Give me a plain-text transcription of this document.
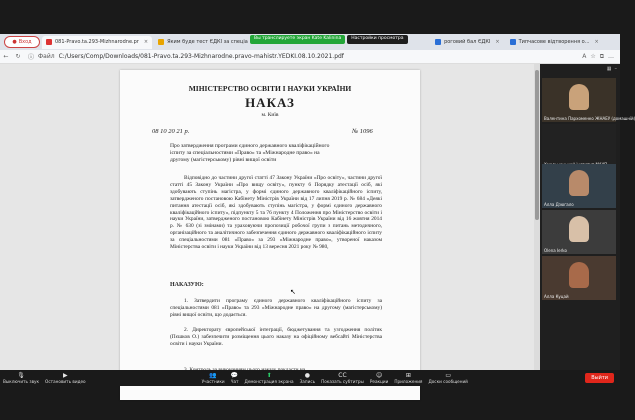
● Вход	081-Pravo.ta.293-Mizhnarodne.pr ×	Яким буде тест ЄДКІ за спеціа	роговий бал ЄДКІ ×	Типчасове відтворення о... ×
Вы транслируете экран Kate Kalinina	Настройки просмотра
←	↻	ⓘ Файл C:/Users/Comp/Downloads/081-Pravo.ta.293-Mizhnarodne.pravo-mahistr.YEDKI.08.10.2021.pdf	A ☆ ⧉ …
МІНІСТЕРСТВО ОСВІТИ І НАУКИ УКРАЇНИ
НАКАЗ
м. Київ
08 10 20 21 р.	№ 1096
Про затвердження програми єдиного державного кваліфікаційного іспиту за спеціальностями «Право» та «Міжнародне право» на другому (магістерському) рівні вищої освіти
Відповідно до частини другої статті 47 Закону України «Про освіту», частини другої статті 45 Закону України «Про вищу освіту», пункту 6 Порядку атестації осіб, які здобувають ступінь магістра, у формі єдиного державного кваліфікаційного іспиту, затвердженого постановою Кабінету Міністрів України від 17 липня 2019 р. № 684 «Деякі питання атестації осіб, які здобувають ступінь магістра, у формі єдиного державного кваліфікаційного іспиту», підпункту 5 та 76 пункту 4 Положення про Міністерство освіти і науки України, затвердженого постановою Кабінету Міністрів України від 16 жовтня 2014 р. № 630 (зі змінами) та ураховуючи пропозиції робочої групи з питань методичного, організаційного та аналітичного забезпечення єдиного державного кваліфікаційного іспиту за спеціальностями 081 «Право» за 293 «Міжнародне право», утвореної наказом Міністерства освіти і науки України від 13 вересня 2021 року № 980,
НАКАЗУЮ:
1. Затвердити програму єдиного державного кваліфікаційного іспиту за спеціальностями 081 «Право» та 293 «Міжнародне право» на другому (магістерському) рівні вищої освіти, що додається.
2. Директорату європейської інтеграції, бюджетування та узгодження політик (Пєшков О.) забезпечити розміщення цього наказу на офіційному вебсайті Міністерства освіти і науки України.
↖
▦ –
Валентина Пархоменко ЖНАЕУ (домашній)
Алла Дзюгало
Olena Ierko
Алла Куцай
🎙
Выключить звук
▶
Остановить видео
👥
Участники
💬
Чат
⬆
Демонстрация экрана
●
Запись
CC
Показать субтитры
☺
Реакции
⊞
Приложения
▭
Доски сообщений
Выйти
